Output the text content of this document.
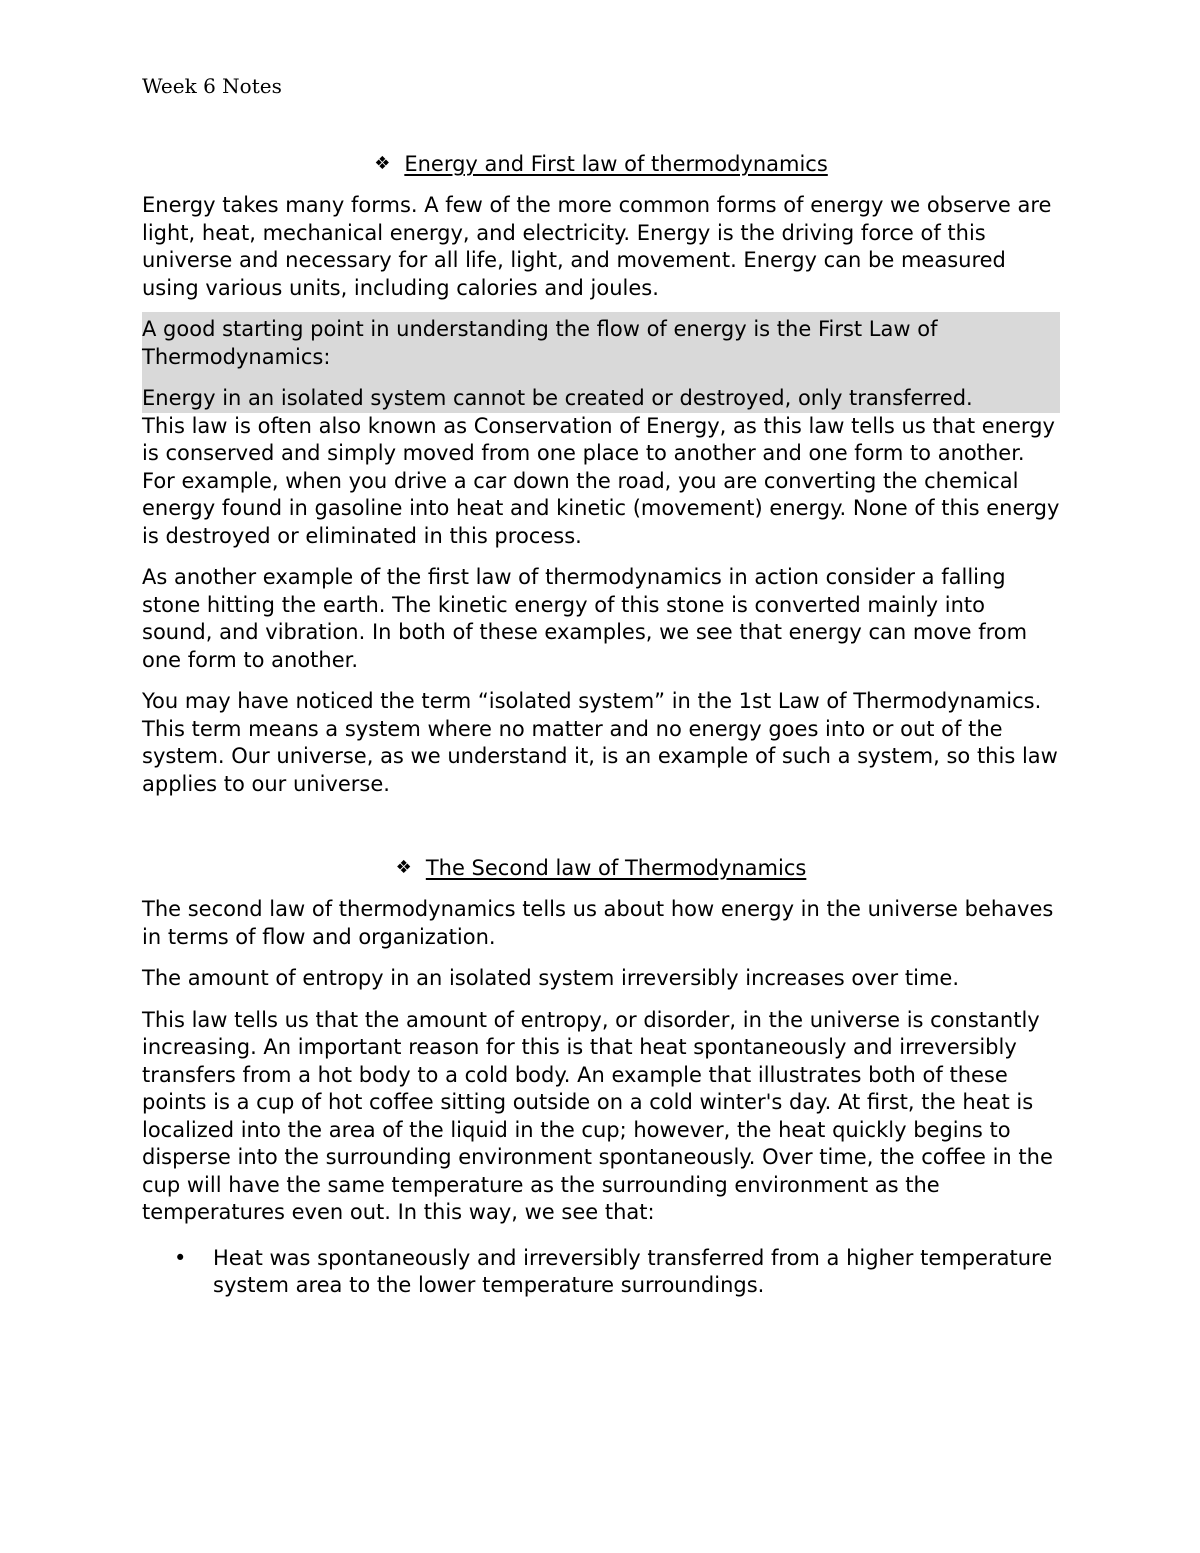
Week 6 Notes
❖ Energy and First law of thermodynamics

Energy takes many forms. A few of the more common forms of energy we observe are light, heat, mechanical energy, and electricity. Energy is the driving force of this universe and necessary for all life, light, and movement. Energy can be measured using various units, including calories and joules.

A good starting point in understanding the flow of energy is the First Law of Thermodynamics:

Energy in an isolated system cannot be created or destroyed, only transferred.

This law is often also known as Conservation of Energy, as this law tells us that energy is conserved and simply moved from one place to another and one form to another. For example, when you drive a car down the road, you are converting the chemical energy found in gasoline into heat and kinetic (movement) energy. None of this energy is destroyed or eliminated in this process.

As another example of the first law of thermodynamics in action consider a falling stone hitting the earth. The kinetic energy of this stone is converted mainly into sound, and vibration. In both of these examples, we see that energy can move from one form to another.

You may have noticed the term “isolated system” in the 1st Law of Thermodynamics. This term means a system where no matter and no energy goes into or out of the system. Our universe, as we understand it, is an example of such a system, so this law applies to our universe.

❖ The Second law of Thermodynamics

The second law of thermodynamics tells us about how energy in the universe behaves in terms of flow and organization.

The amount of entropy in an isolated system irreversibly increases over time.

This law tells us that the amount of entropy, or disorder, in the universe is constantly increasing. An important reason for this is that heat spontaneously and irreversibly transfers from a hot body to a cold body. An example that illustrates both of these points is a cup of hot coffee sitting outside on a cold winter's day. At first, the heat is localized into the area of the liquid in the cup; however, the heat quickly begins to disperse into the surrounding environment spontaneously. Over time, the coffee in the cup will have the same temperature as the surrounding environment as the temperatures even out. In this way, we see that:

• Heat was spontaneously and irreversibly transferred from a higher temperature system area to the lower temperature surroundings.
